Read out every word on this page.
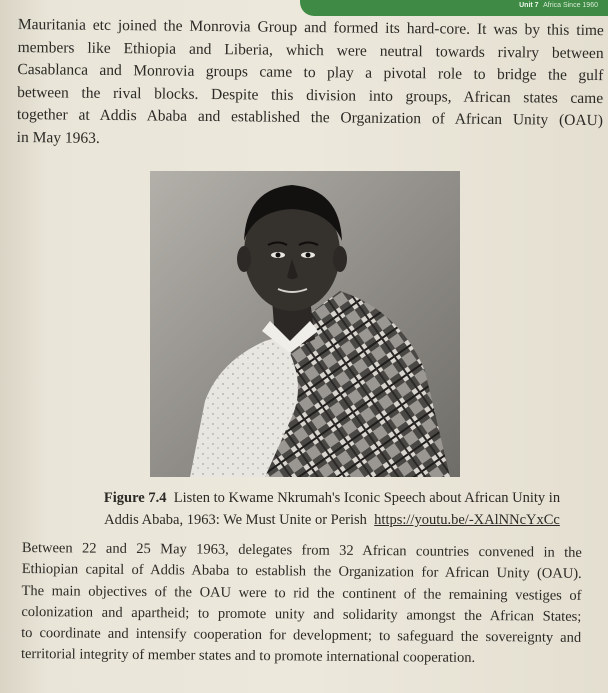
Unit 7 Africa Since 1960

Mauritania etc joined the Monrovia Group and formed its hard-core. It was by this time
members like Ethiopia and Liberia, which were neutral towards rivalry between
Casablanca and Monrovia groups came to play a pivotal role to bridge the gulf
between the rival blocks. Despite this division into groups, African states came
together at Addis Ababa and established the Organization of African Unity (OAU)
in May 1963.

Figure 7.4 Listen to Kwame Nkrumah's Iconic Speech about African Unity in
Addis Ababa, 1963: We Must Unite or Perish https://youtu.be/-XAlNNcYxCc

Between 22 and 25 May 1963, delegates from 32 African countries convened in the
Ethiopian capital of Addis Ababa to establish the Organization for African Unity (OAU).
The main objectives of the OAU were to rid the continent of the remaining vestiges of
colonization and apartheid; to promote unity and solidarity amongst the African States;
to coordinate and intensify cooperation for development; to safeguard the sovereignty and
territorial integrity of member states and to promote international cooperation.
